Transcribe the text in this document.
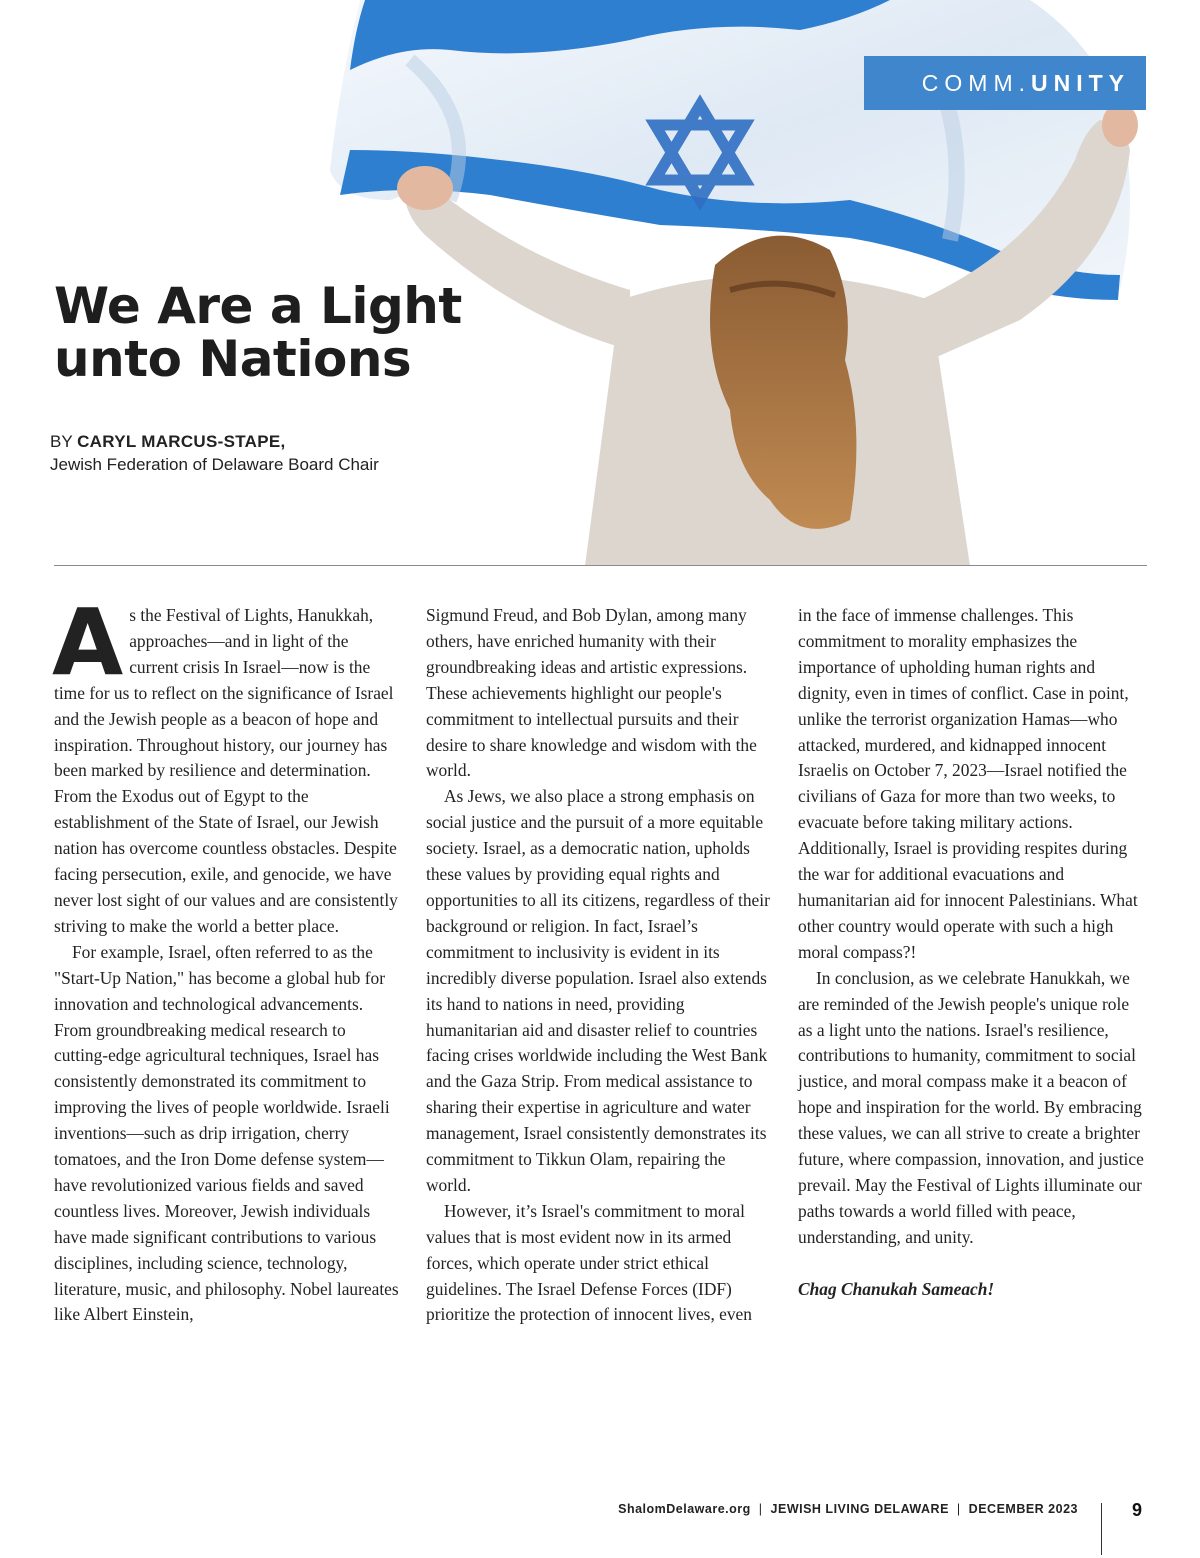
COMM. UNITY
We Are a Light
unto Nations
BY CARYL MARCUS-STAPE,
Jewish Federation of Delaware Board Chair

As the Festival of Lights, Hanukkah, approaches—and in light of the current crisis In Israel—now is the time for us to reflect on the significance of Israel and the Jewish people as a beacon of hope and inspiration. Throughout history, our journey has been marked by resilience and determination. From the Exodus out of Egypt to the establishment of the State of Israel, our Jewish nation has overcome countless obstacles. Despite facing persecution, exile, and genocide, we have never lost sight of our values and are consistently striving to make the world a better place.

For example, Israel, often referred to as the "Start-Up Nation," has become a global hub for innovation and technological advancements. From groundbreaking medical research to cutting-edge agricultural techniques, Israel has consistently demonstrated its commitment to improving the lives of people worldwide. Israeli inventions—such as drip irrigation, cherry tomatoes, and the Iron Dome defense system—have revolutionized various fields and saved countless lives. Moreover, Jewish individuals have made significant contributions to various disciplines, including science, technology, literature, music, and philosophy. Nobel laureates like Albert Einstein,

Sigmund Freud, and Bob Dylan, among many others, have enriched humanity with their groundbreaking ideas and artistic expressions. These achievements highlight our people's commitment to intellectual pursuits and their desire to share knowledge and wisdom with the world.

As Jews, we also place a strong emphasis on social justice and the pursuit of a more equitable society. Israel, as a democratic nation, upholds these values by providing equal rights and opportunities to all its citizens, regardless of their background or religion. In fact, Israel’s commitment to inclusivity is evident in its incredibly diverse population. Israel also extends its hand to nations in need, providing humanitarian aid and disaster relief to countries facing crises worldwide including the West Bank and the Gaza Strip. From medical assistance to sharing their expertise in agriculture and water management, Israel consistently demonstrates its commitment to Tikkun Olam, repairing the world.

However, it’s Israel's commitment to moral values that is most evident now in its armed forces, which operate under strict ethical guidelines. The Israel Defense Forces (IDF) prioritize the protection of innocent lives, even

in the face of immense challenges. This commitment to morality emphasizes the importance of upholding human rights and dignity, even in times of conflict. Case in point, unlike the terrorist organization Hamas—who attacked, murdered, and kidnapped innocent Israelis on October 7, 2023—Israel notified the civilians of Gaza for more than two weeks, to evacuate before taking military actions. Additionally, Israel is providing respites during the war for additional evacuations and humanitarian aid for innocent Palestinians. What other country would operate with such a high moral compass?!

In conclusion, as we celebrate Hanukkah, we are reminded of the Jewish people's unique role as a light unto the nations. Israel's resilience, contributions to humanity, commitment to social justice, and moral compass make it a beacon of hope and inspiration for the world. By embracing these values, we can all strive to create a brighter future, where compassion, innovation, and justice prevail. May the Festival of Lights illuminate our paths towards a world filled with peace, understanding, and unity.

Chag Chanukah Sameach!

ShalomDelaware.org | JEWISH LIVING DELAWARE | DECEMBER 2023	9
